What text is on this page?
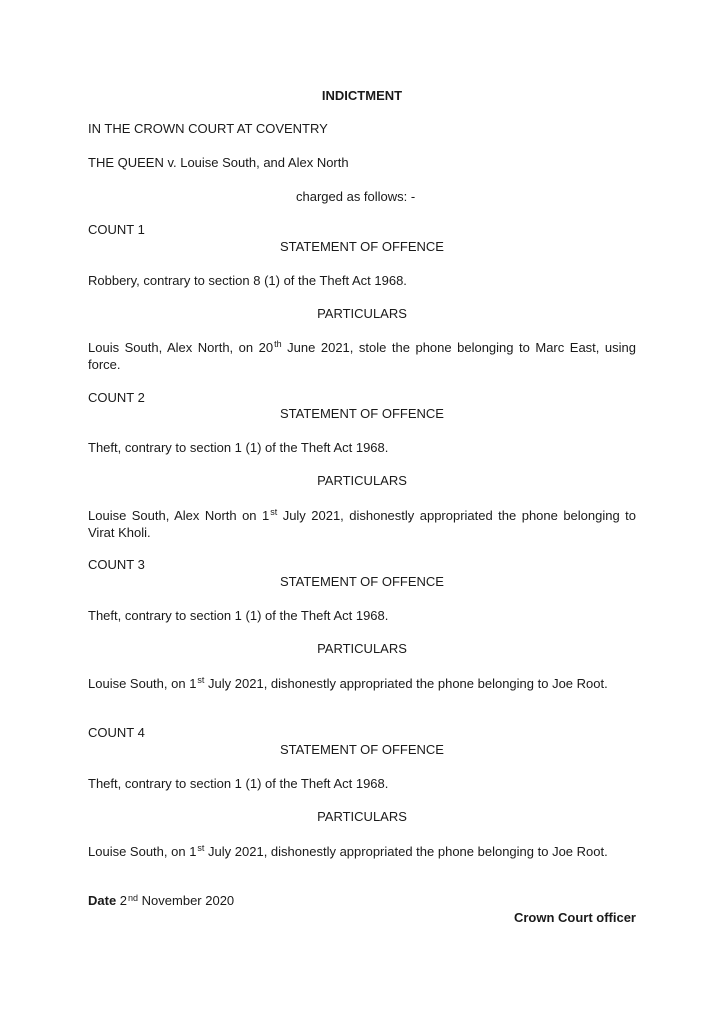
INDICTMENT
IN THE CROWN COURT AT COVENTRY
THE QUEEN v. Louise South, and Alex North
charged as follows: -
COUNT 1
STATEMENT OF OFFENCE
Robbery, contrary to section 8 (1) of the Theft Act 1968.
PARTICULARS
Louis South, Alex North, on 20th June 2021, stole the phone belonging to Marc East, using force.
COUNT 2
STATEMENT OF OFFENCE
Theft, contrary to section 1 (1) of the Theft Act 1968.
PARTICULARS
Louise South, Alex North on 1st July 2021, dishonestly appropriated the phone belonging to Virat Kholi.
COUNT 3
STATEMENT OF OFFENCE
Theft, contrary to section 1 (1) of the Theft Act 1968.
PARTICULARS
Louise South, on 1st July 2021, dishonestly appropriated the phone belonging to Joe Root.
COUNT 4
STATEMENT OF OFFENCE
Theft, contrary to section 1 (1) of the Theft Act 1968.
PARTICULARS
Louise South, on 1st July 2021, dishonestly appropriated the phone belonging to Joe Root.
Date 2nd November 2020
Crown Court officer
